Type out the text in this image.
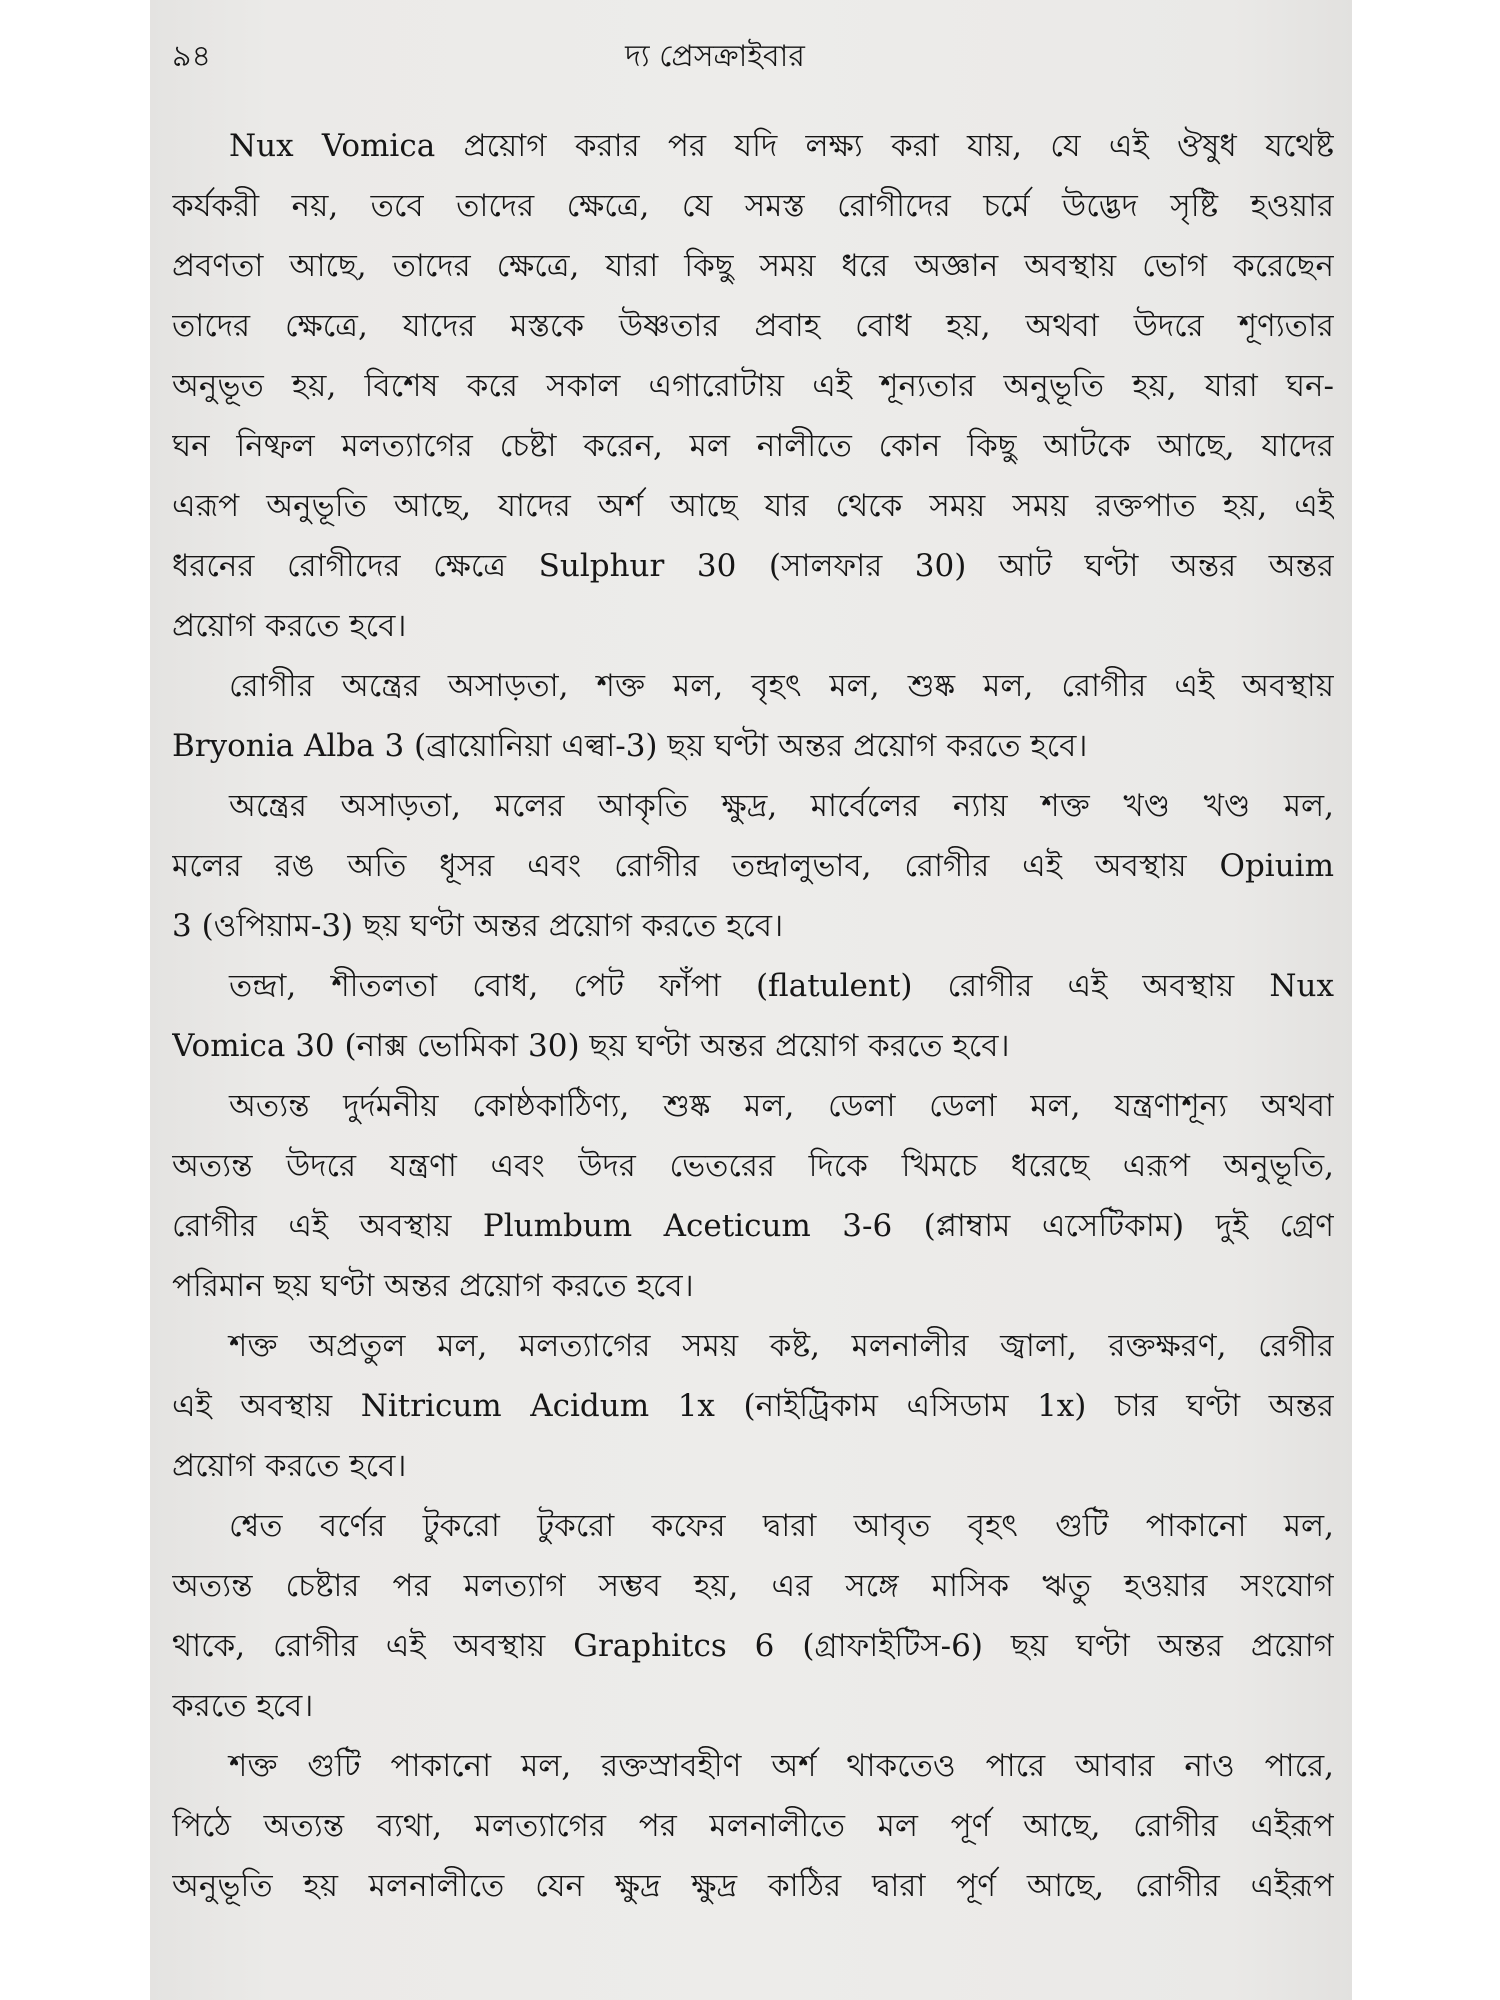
৯৪	দ্য প্রেসক্রাইবার
Nux Vomica প্রয়োগ করার পর যদি লক্ষ্য করা যায়, যে এই ঔষুধ যথেষ্ট
কর্যকরী নয়, তবে তাদের ক্ষেত্রে, যে সমস্ত রোগীদের চর্মে উদ্ভেদ সৃষ্টি হওয়ার
প্রবণতা আছে, তাদের ক্ষেত্রে, যারা কিছু সময় ধরে অজ্ঞান অবস্থায় ভোগ করেছেন
তাদের ক্ষেত্রে, যাদের মস্তকে উষ্ণতার প্রবাহ বোধ হয়, অথবা উদরে শূণ্যতার
অনুভূত হয়, বিশেষ করে সকাল এগারোটায় এই শূন্যতার অনুভূতি হয়, যারা ঘন-
ঘন নিষ্ফল মলত্যাগের চেষ্টা করেন, মল নালীতে কোন কিছু আটকে আছে, যাদের
এরূপ অনুভূতি আছে, যাদের অর্শ আছে যার থেকে সময় সময় রক্তপাত হয়, এই
ধরনের রোগীদের ক্ষেত্রে Sulphur 30 (সালফার 30) আট ঘণ্টা অন্তর অন্তর
প্রয়োগ করতে হবে।
রোগীর অন্ত্রের অসাড়তা, শক্ত মল, বৃহৎ মল, শুষ্ক মল, রোগীর এই অবস্থায়
Bryonia Alba 3 (ব্রায়োনিয়া এল্বা-3) ছয় ঘণ্টা অন্তর প্রয়োগ করতে হবে।
অন্ত্রের অসাড়তা, মলের আকৃতি ক্ষুদ্র, মার্বেলের ন্যায় শক্ত খণ্ড খণ্ড মল,
মলের রঙ অতি ধূসর এবং রোগীর তন্দ্রালুভাব, রোগীর এই অবস্থায় Opiuim
3 (ওপিয়াম-3) ছয় ঘণ্টা অন্তর প্রয়োগ করতে হবে।
তন্দ্রা, শীতলতা বোধ, পেট ফাঁপা (flatulent) রোগীর এই অবস্থায় Nux
Vomica 30 (নাক্স ভোমিকা 30) ছয় ঘণ্টা অন্তর প্রয়োগ করতে হবে।
অত্যন্ত দুর্দমনীয় কোষ্ঠকাঠিণ্য, শুষ্ক মল, ডেলা ডেলা মল, যন্ত্রণাশূন্য অথবা
অত্যন্ত উদরে যন্ত্রণা এবং উদর ভেতরের দিকে খিমচে ধরেছে এরূপ অনুভূতি,
রোগীর এই অবস্থায় Plumbum Aceticum 3-6 (প্লাম্বাম এসেটিকাম) দুই গ্রেণ
পরিমান ছয় ঘণ্টা অন্তর প্রয়োগ করতে হবে।
শক্ত অপ্রতুল মল, মলত্যাগের সময় কষ্ট, মলনালীর জ্বালা, রক্তক্ষরণ, রেগীর
এই অবস্থায় Nitricum Acidum 1x (নাইট্রিকাম এসিডাম 1x) চার ঘণ্টা অন্তর
প্রয়োগ করতে হবে।
শ্বেত বর্ণের টুকরো টুকরো কফের দ্বারা আবৃত বৃহৎ গুটি পাকানো মল,
অত্যন্ত চেষ্টার পর মলত্যাগ সম্ভব হয়, এর সঙ্গে মাসিক ঋতু হওয়ার সংযোগ
থাকে, রোগীর এই অবস্থায় Graphitcs 6 (গ্রাফাইটিস-6) ছয় ঘণ্টা অন্তর প্রয়োগ
করতে হবে।
শক্ত গুটি পাকানো মল, রক্তস্রাবহীণ অর্শ থাকতেও পারে আবার নাও পারে,
পিঠে অত্যন্ত ব্যথা, মলত্যাগের পর মলনালীতে মল পূর্ণ আছে, রোগীর এইরূপ
অনুভূতি হয় মলনালীতে যেন ক্ষুদ্র ক্ষুদ্র কাঠির দ্বারা পূর্ণ আছে, রোগীর এইরূপ
